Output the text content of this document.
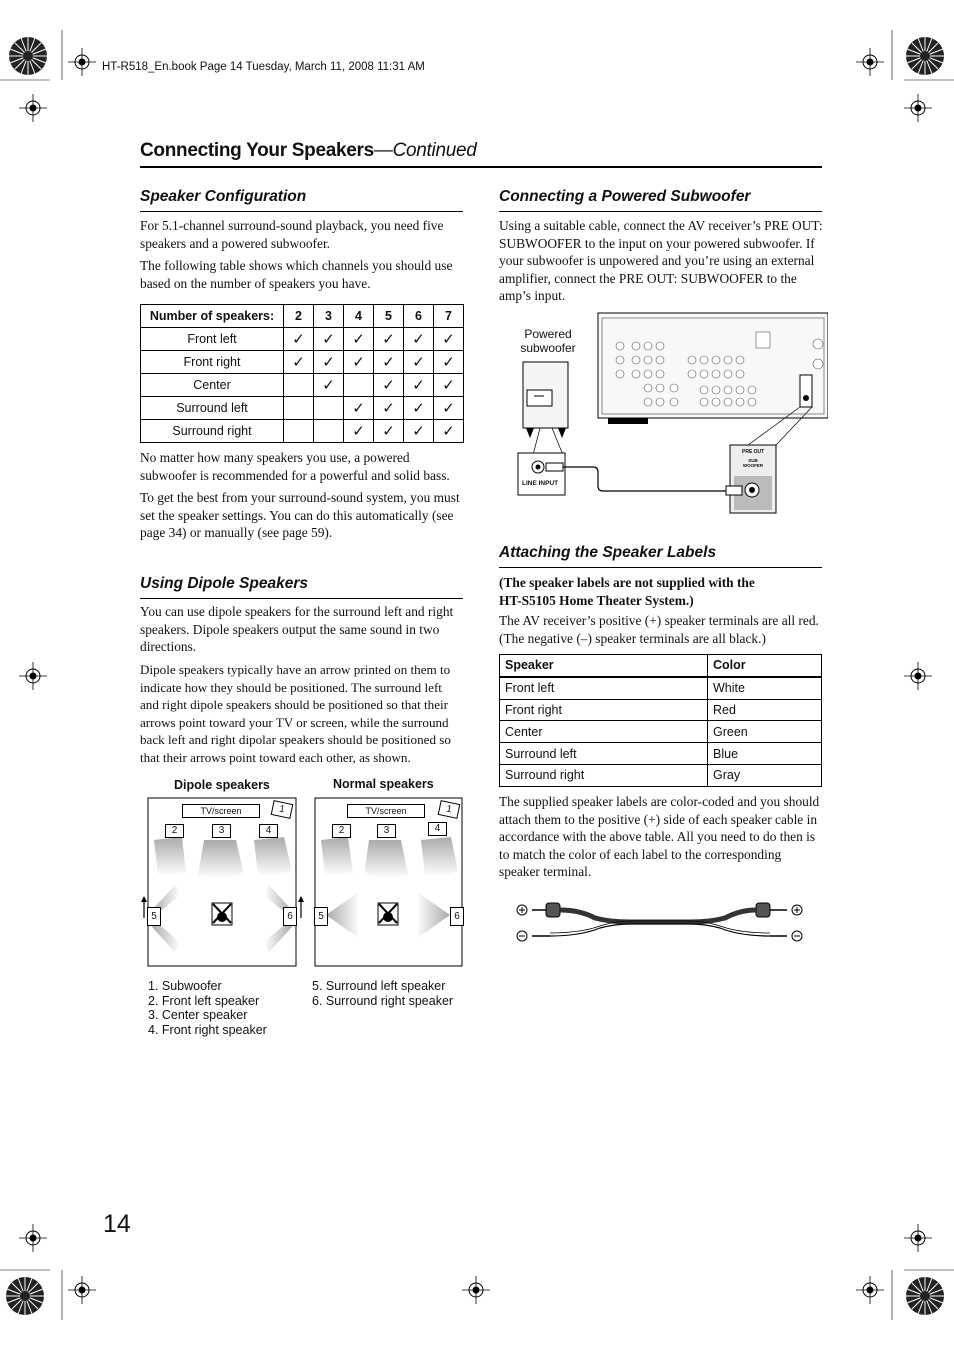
HT-R518_En.book Page 14 Tuesday, March 11, 2008 11:31 AM
Connecting Your Speakers—Continued
Speaker Configuration

For 5.1-channel surround-sound playback, you need five speakers and a powered subwoofer.

The following table shows which channels you should use based on the number of speakers you have.

Number of speakers:	2	3	4	5	6	7
Front left	✓	✓	✓	✓	✓	✓
Front right	✓	✓	✓	✓	✓	✓
Center		✓		✓	✓	✓
Surround left			✓	✓	✓	✓
Surround right			✓	✓	✓	✓

No matter how many speakers you use, a powered subwoofer is recommended for a powerful and solid bass.

To get the best from your surround-sound system, you must set the speaker settings. You can do this automatically (see page 34) or manually (see page 59).

Using Dipole Speakers

You can use dipole speakers for the surround left and right speakers. Dipole speakers output the same sound in two directions.

Dipole speakers typically have an arrow printed on them to indicate how they should be positioned. The surround left and right dipole speakers should be positioned so that their arrows point toward your TV or screen, while the surround back left and right dipolar speakers should be positioned so that their arrows point toward each other, as shown.

Dipole speakers	Normal speakers
TV/screen	TV/screen
1	1
2	3	4
5	6
2	3	4
5	6
1. Subwoofer
2. Front left speaker
3. Center speaker
4. Front right speaker
5. Surround left speaker
6. Surround right speaker
Connecting a Powered Subwoofer

Using a suitable cable, connect the AV receiver’s PRE OUT: SUBWOOFER to the input on your powered subwoofer. If your subwoofer is unpowered and you’re using an external amplifier, connect the PRE OUT: SUBWOOFER to the amp’s input.

Powered
subwoofer
LINE INPUT
PRE OUT
SUB
WOOFER
Attaching the Speaker Labels
(The speaker labels are not supplied with the
HT-S5105 Home Theater System.)

The AV receiver’s positive (+) speaker terminals are all red. (The negative (–) speaker terminals are all black.)

Speaker	Color
Front left	White
Front right	Red
Center	Green
Surround left	Blue
Surround right	Gray

The supplied speaker labels are color-coded and you should attach them to the positive (+) side of each speaker cable in accordance with the above table. All you need to do then is to match the color of each label to the corresponding speaker terminal.

14
